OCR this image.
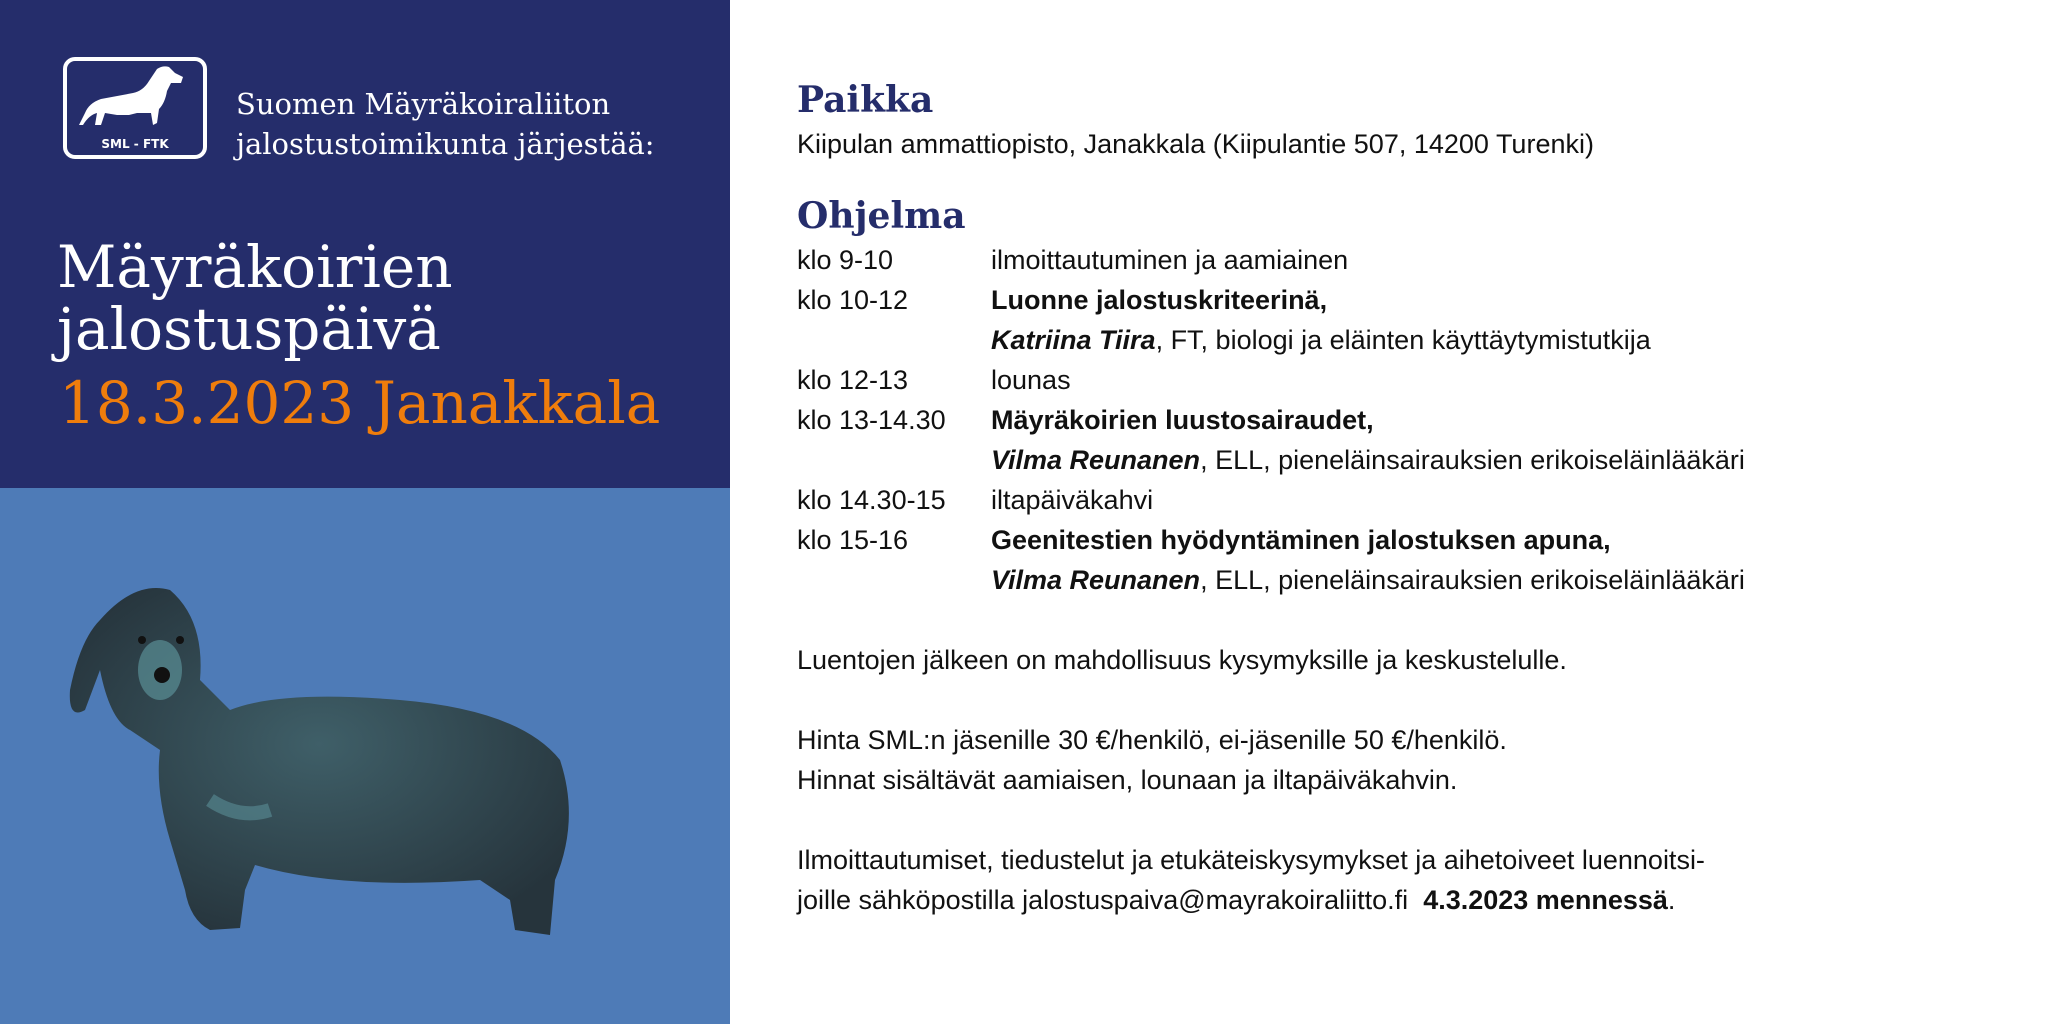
SML - FTK
Suomen Mäyräkoiraliiton
jalostustoimikunta järjestää:
Mäyräkoirien
jalostuspäivä
18.3.2023 Janakkala
Paikka
Kiipulan ammattiopisto, Janakkala (Kiipulantie 507, 14200 Turenki)
Ohjelma
klo 9-10	ilmoittautuminen ja aamiainen
klo 10-12	Luonne jalostuskriteerinä,
Katriina Tiira, FT, biologi ja eläinten käyttäytymistutkija
klo 12-13	lounas
klo 13-14.30	Mäyräkoirien luustosairaudet,
Vilma Reunanen, ELL, pieneläinsairauksien erikoiseläinlääkäri
klo 14.30-15	iltapäiväkahvi
klo 15-16	Geenitestien hyödyntäminen jalostuksen apuna,
Vilma Reunanen, ELL, pieneläinsairauksien erikoiseläinlääkäri
Luentojen jälkeen on mahdollisuus kysymyksille ja keskustelulle.
Hinta SML:n jäsenille 30 €/henkilö, ei-jäsenille 50 €/henkilö.
Hinnat sisältävät aamiaisen, lounaan ja iltapäiväkahvin.
Ilmoittautumiset, tiedustelut ja etukäteiskysymykset ja aihetoiveet luennoitsi-
joille sähköpostilla jalostuspaiva@mayrakoiraliitto.fi 4.3.2023 mennessä.
